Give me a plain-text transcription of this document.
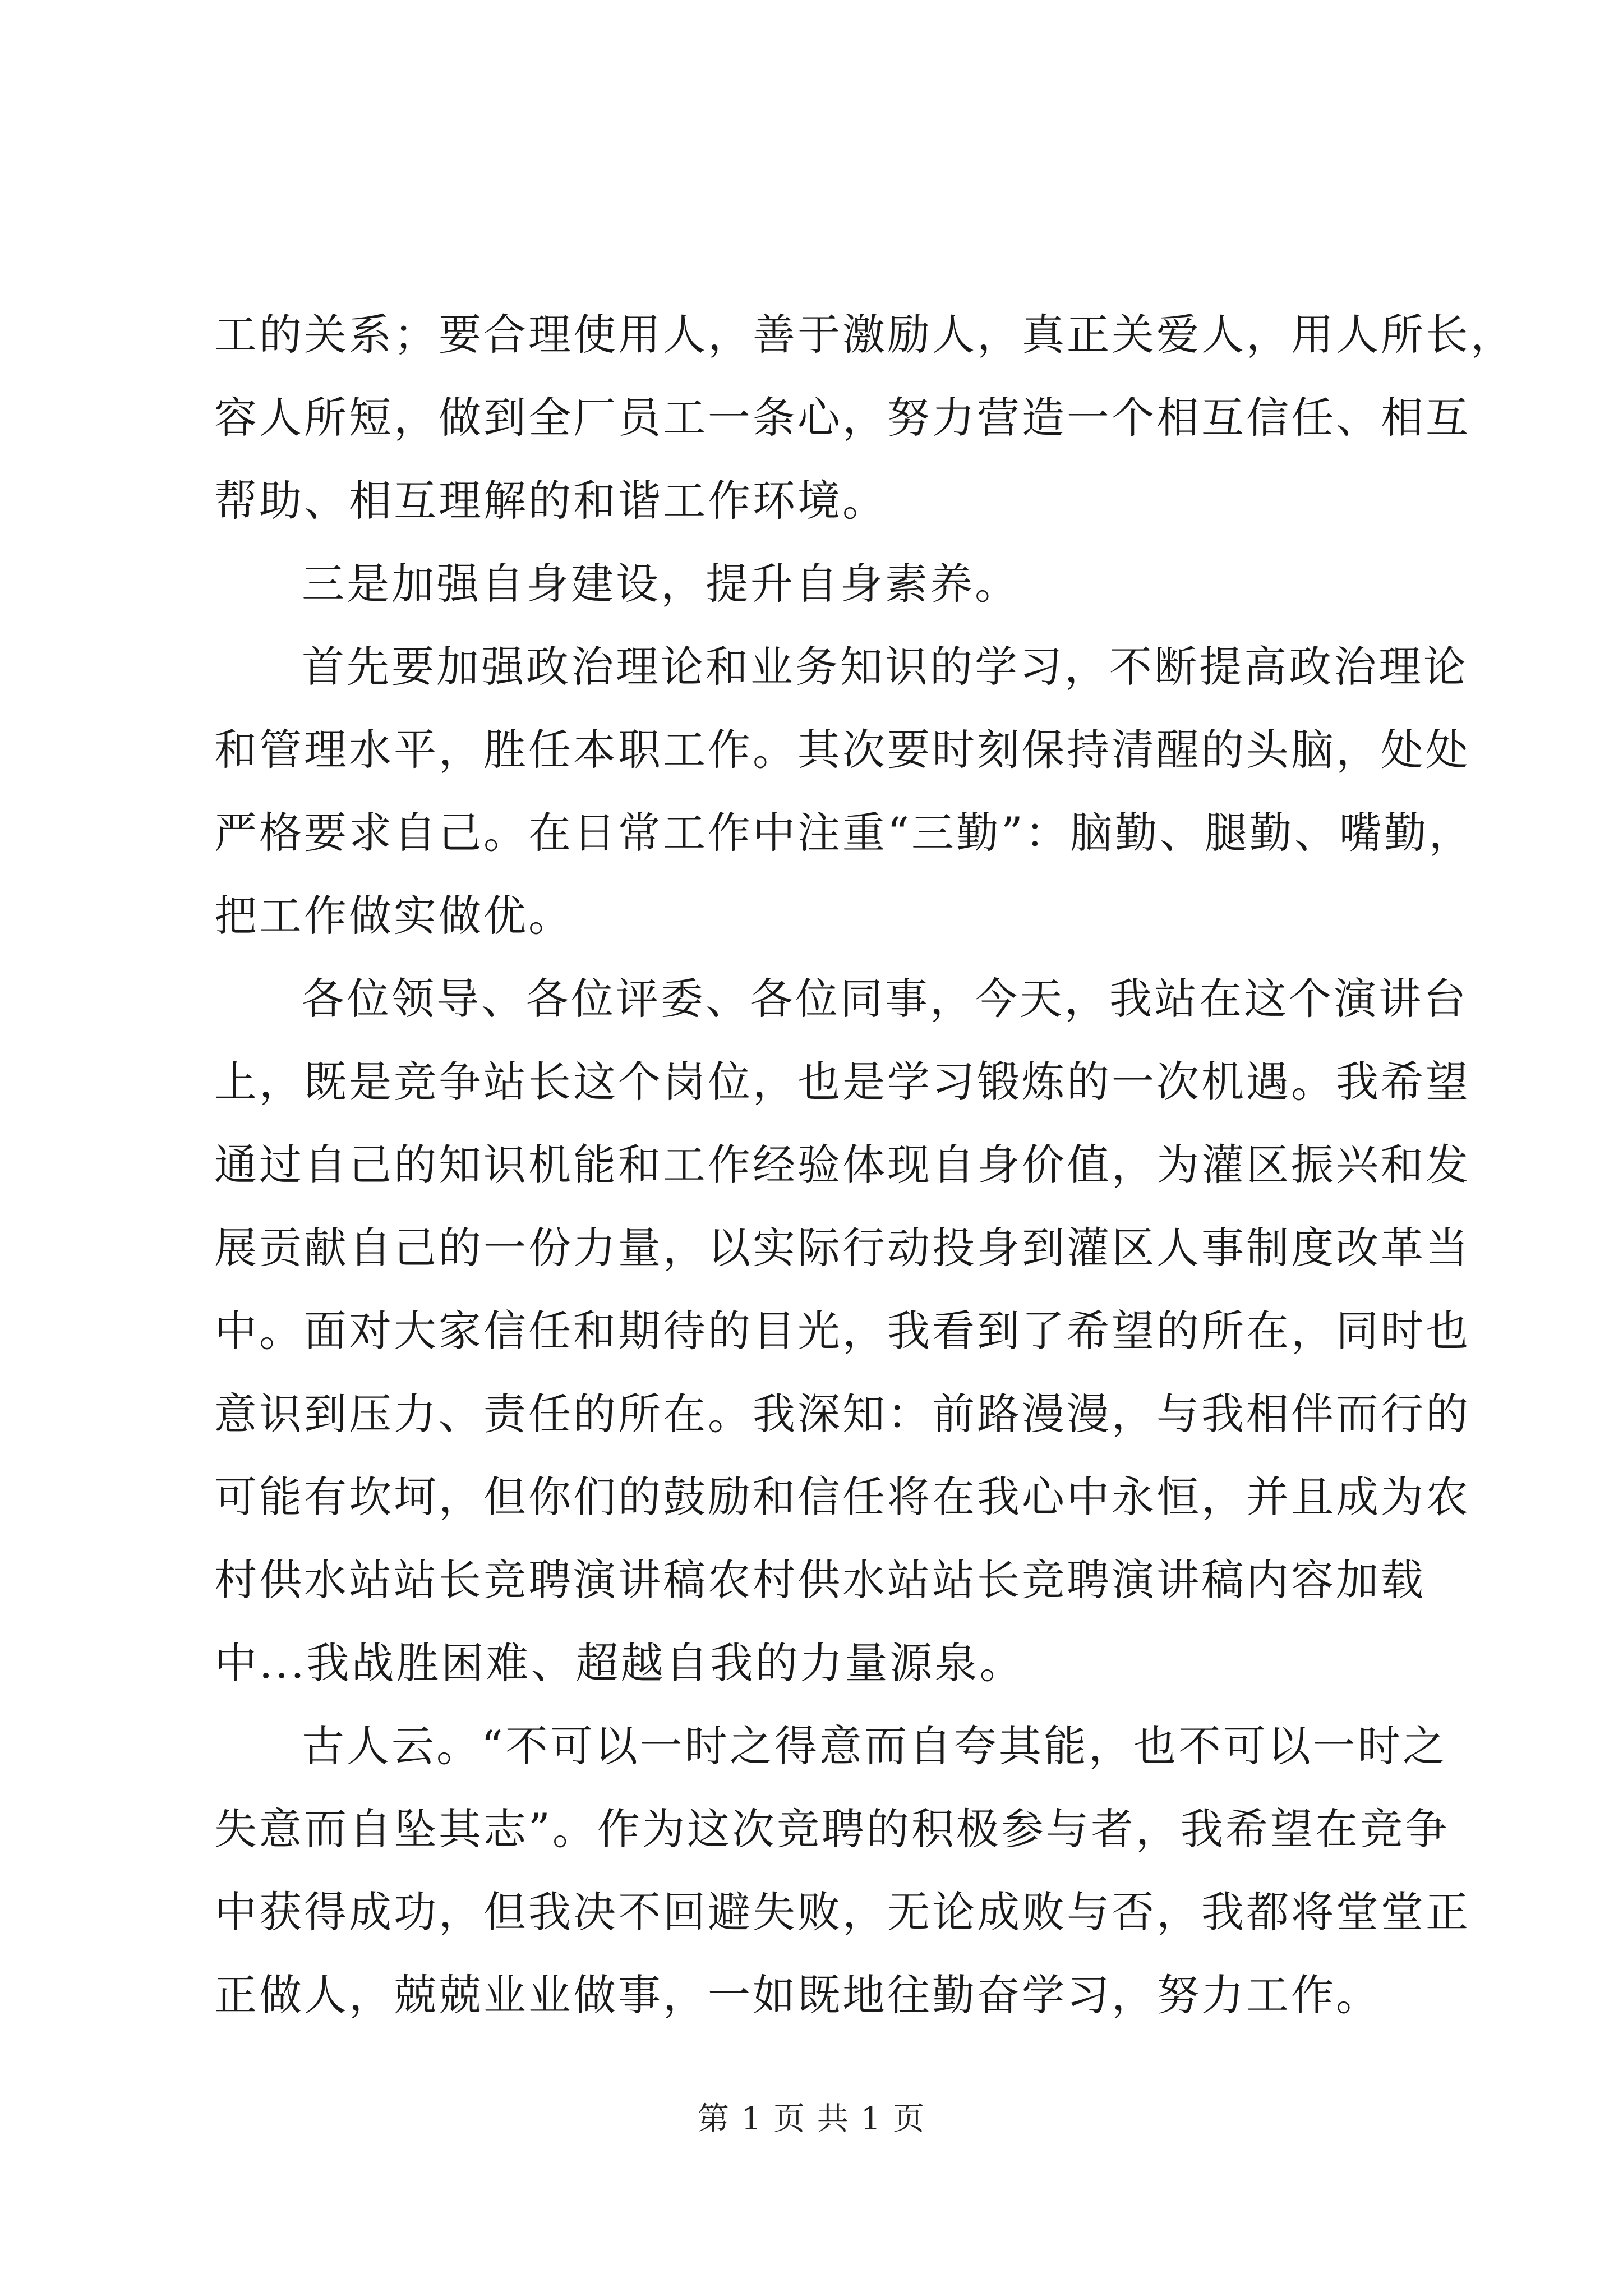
工的关系；要合理使用人，善于激励人，真正关爱人，用人所长，
容人所短，做到全厂员工一条心，努力营造一个相互信任、相互
帮助、相互理解的和谐工作环境。
三是加强自身建设，提升自身素养。
首先要加强政治理论和业务知识的学习，不断提高政治理论
和管理水平，胜任本职工作。其次要时刻保持清醒的头脑，处处
严格要求自己。在日常工作中注重“三勤”：脑勤、腿勤、嘴勤，
把工作做实做优。
各位领导、各位评委、各位同事，今天，我站在这个演讲台
上，既是竞争站长这个岗位，也是学习锻炼的一次机遇。我希望
通过自己的知识机能和工作经验体现自身价值，为灌区振兴和发
展贡献自己的一份力量，以实际行动投身到灌区人事制度改革当
中。面对大家信任和期待的目光，我看到了希望的所在，同时也
意识到压力、责任的所在。我深知：前路漫漫，与我相伴而行的
可能有坎坷，但你们的鼓励和信任将在我心中永恒，并且成为农
村供水站站长竞聘演讲稿农村供水站站长竞聘演讲稿内容加载
中...我战胜困难、超越自我的力量源泉。
古人云。“不可以一时之得意而自夸其能，也不可以一时之
失意而自坠其志”。作为这次竞聘的积极参与者，我希望在竞争
中获得成功，但我决不回避失败，无论成败与否，我都将堂堂正
正做人，兢兢业业做事，一如既地往勤奋学习，努力工作。
第 1 页 共 1 页
